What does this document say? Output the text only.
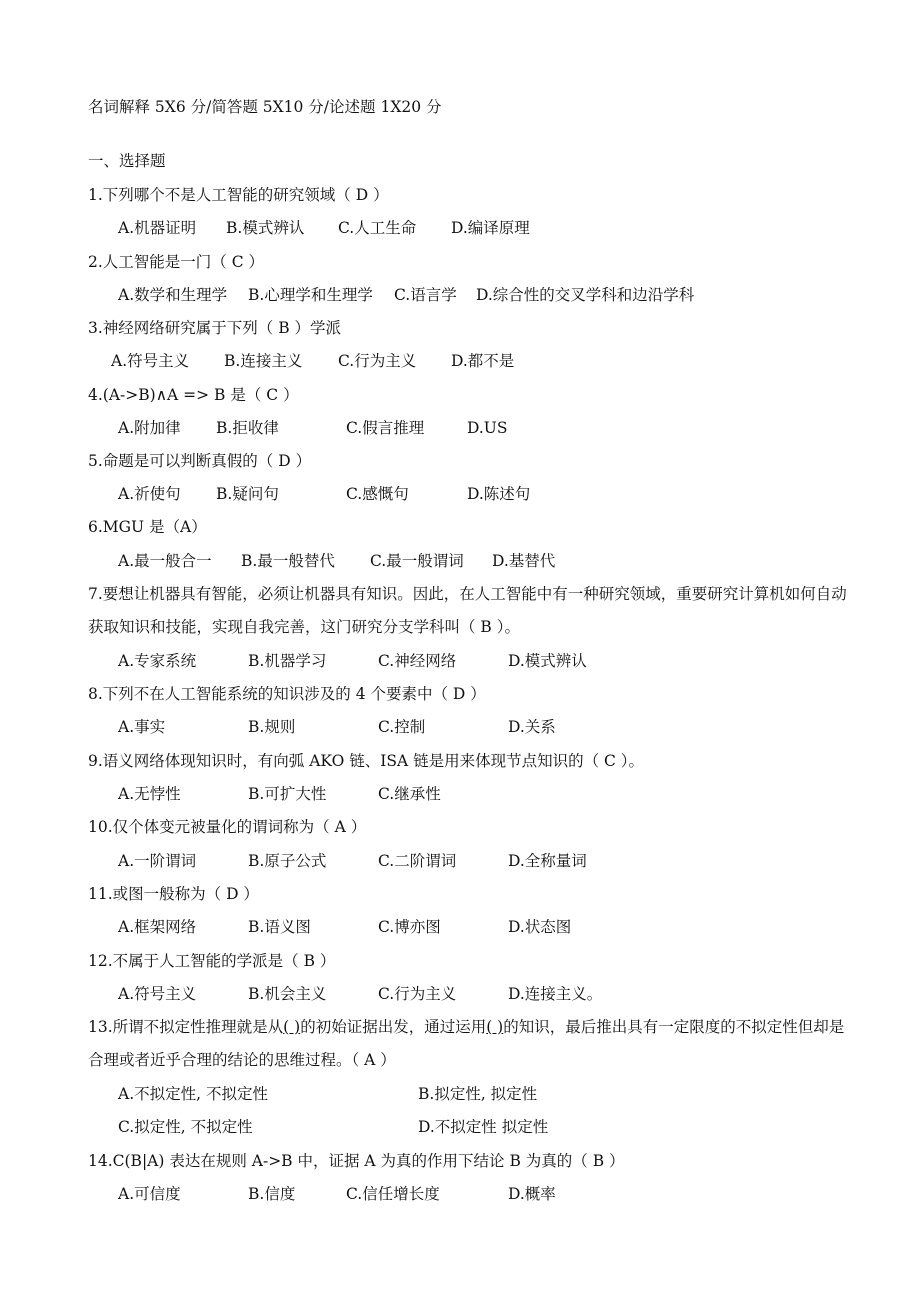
名词解释 5X6 分/简答题 5X10 分/论述题 1X20 分
一、选择题
1.下列哪个不是人工智能的研究领域（ D ）
A.机器证明 B.模式辨认 C.人工生命 D.编译原理
2.人工智能是一门（ C ）
A.数学和生理学 B.心理学和生理学 C.语言学 D.综合性的交叉学科和边沿学科
3.神经网络研究属于下列（ B ）学派
A.符号主义 B.连接主义 C.行为主义 D.都不是
4.(A->B)∧A => B 是（ C ）
A.附加律 B.拒收律	C.假言推理	D.US
5.命题是可以判断真假的（ D ）
A.祈使句 B.疑问句	C.感慨句	D.陈述句
6.MGU 是（A）
A.最一般合一 B.最一般替代 C.最一般谓词 D.基替代
7.要想让机器具有智能，必须让机器具有知识。因此，在人工智能中有一种研究领域，重要研究计算机如何自动获取知识和技能，实现自我完善，这门研究分支学科叫（ B ）。
A.专家系统	B.机器学习	C.神经网络	D.模式辨认
8.下列不在人工智能系统的知识涉及的 4 个要素中（ D ）
A.事实	B.规则	C.控制	D.关系
9.语义网络体现知识时，有向弧 AKO 链、ISA 链是用来体现节点知识的（ C ）。
A.无悖性	B.可扩大性	C.继承性
10.仅个体变元被量化的谓词称为（ A ）
A.一阶谓词	B.原子公式	C.二阶谓词	D.全称量词
11.或图一般称为（ D ）
A.框架网络	B.语义图	C.博亦图	D.状态图
12.不属于人工智能的学派是（ B ）
A.符号主义	B.机会主义	C.行为主义	D.连接主义。
13.所谓不拟定性推理就是从( )的初始证据出发，通过运用( )的知识，最后推出具有一定限度的不拟定性但却是合理或者近乎合理的结论的思维过程。（ A ）
A.不拟定性, 不拟定性	B.拟定性, 拟定性
C.拟定性, 不拟定性	D.不拟定性 拟定性
14.C(B|A) 表达在规则 A->B 中，证据 A 为真的作用下结论 B 为真的（ B ）
A.可信度	B.信度	C.信任增长度	D.概率
